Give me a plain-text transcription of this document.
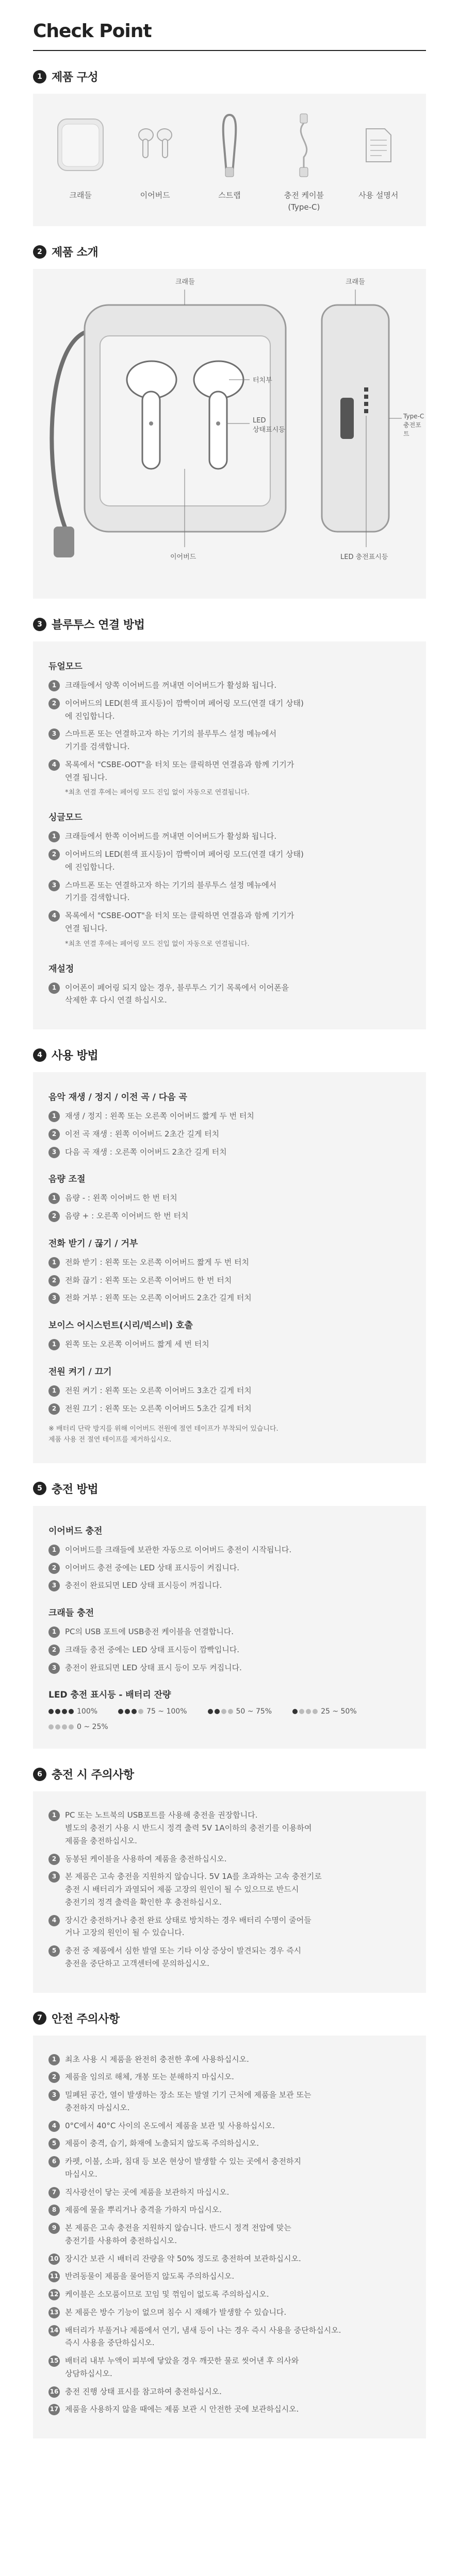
Check Point
1 제품 구성
크래들	이어버드	스트랩	충전 케이블
(Type-C)
사용 설명서
2 제품 소개
크래들	크래들
터치부
LED
상태표시등
이어버드
Type-C
충전포트
LED 충전표시등
3 블루투스 연결 방법
듀얼모드
1	크래들에서 양쪽 이어버드를 꺼내면 이어버드가 활성화 됩니다.
2	이어버드의 LED(흰색 표시등)이 깜빡이며 페어링 모드(연결 대기 상태)
에 진입합니다.
3	스마트폰 또는 연결하고자 하는 기기의 블루투스 설정 메뉴에서
기기를 검색합니다.
4	목록에서 "CSBE-OOT"을 터치 또는 클릭하면 연결음과 함께 기기가
연결 됩니다.
*최초 연결 후에는 페어링 모드 진입 없이 자동으로 연결됩니다.
싱글모드
1	크래들에서 한쪽 이어버드를 꺼내면 이어버드가 활성화 됩니다.
2	이어버드의 LED(흰색 표시등)이 깜빡이며 페어링 모드(연결 대기 상태)
에 진입합니다.
3	스마트폰 또는 연결하고자 하는 기기의 블루투스 설정 메뉴에서
기기를 검색합니다.
4	목록에서 "CSBE-OOT"을 터치 또는 클릭하면 연결음과 함께 기기가
연결 됩니다.
*최초 연결 후에는 페어링 모드 진입 없이 자동으로 연결됩니다.
재설정
1	이어폰이 페어링 되지 않는 경우, 블루투스 기기 목록에서 이어폰을
삭제한 후 다시 연결 하십시오.
4 사용 방법
음악 재생 / 정지 / 이전 곡 / 다음 곡
1	재생 / 정지 : 왼쪽 또는 오른쪽 이어버드 짧게 두 번 터치
2	이전 곡 재생 : 왼쪽 이어버드 2초간 길게 터치
3	다음 곡 재생 : 오른쪽 이어버드 2초간 길게 터치
음량 조절
1	음량 - : 왼쪽 이어버드 한 번 터치
2	음량 + : 오른쪽 이어버드 한 번 터치
전화 받기 / 끊기 / 거부
1	전화 받기 : 왼쪽 또는 오른쪽 이어버드 짧게 두 번 터치
2	전화 끊기 : 왼쪽 또는 오른쪽 이어버드 한 번 터치
3	전화 거부 : 왼쪽 또는 오른쪽 이어버드 2초간 길게 터치
보이스 어시스턴트(시리/빅스비) 호출
1	왼쪽 또는 오른쪽 이어버드 짧게 세 번 터치
전원 켜기 / 끄기
1	전원 켜기 : 왼쪽 또는 오른쪽 이어버드 3초간 길게 터치
2	전원 끄기 : 왼쪽 또는 오른쪽 이어버드 5초간 길게 터치
※ 배터리 단락 방지를 위해 이어버드 전원에 절연 테이프가 부착되어 있습니다.
제품 사용 전 절연 테이프를 제거하십시오.
5 충전 방법
이어버드 충전
1	이어버드를 크래들에 보관한 자동으로 이어버드 충전이 시작됩니다.
2	이어버드 충전 중에는 LED 상태 표시등이 켜집니다.
3	충전이 완료되면 LED 상태 표시등이 꺼집니다.
크래들 충전
1	PC의 USB 포트에 USB충전 케이블을 연결합니다.
2	크래들 충전 중에는 LED 상태 표시등이 깜빡입니다.
3	충전이 완료되면 LED 상태 표시 등이 모두 켜집니다.
LED 충전 표시등 - 배터리 잔량
100%	75 ~ 100%	50 ~ 75%	25 ~ 50%
0 ~ 25%
6 충전 시 주의사항
1	PC 또는 노트북의 USB포트를 사용해 충전을 권장합니다.
별도의 충전기 사용 시 반드시 정격 출력 5V 1A이하의 충전기를 이용하여
제품을 충전하십시오.
2	동봉된 케이블을 사용하여 제품을 충전하십시오.
3	본 제품은 고속 충전을 지원하지 않습니다. 5V 1A를 초과하는 고속 충전기로
충전 시 배터리가 과열되어 제품 고장의 원인이 될 수 있으므로 반드시
충전기의 정격 출력을 확인한 후 충전하십시오.
4	장시간 충전하거나 충전 완료 상태로 방치하는 경우 배터리 수명이 줄어들
거나 고장의 원인이 될 수 있습니다.
5	충전 중 제품에서 심한 발열 또는 기타 이상 증상이 발견되는 경우 즉시
충전을 중단하고 고객센터에 문의하십시오.
7 안전 주의사항
1	최초 사용 시 제품을 완전히 충전한 후에 사용하십시오.
2	제품을 임의로 해체, 개봉 또는 분해하지 마십시오.
3	밀폐된 공간, 열이 발생하는 장소 또는 발열 기기 근처에 제품을 보관 또는
충전하지 마십시오.
4	0°C에서 40°C 사이의 온도에서 제품을 보관 및 사용하십시오.
5	제품이 충격, 습기, 화재에 노출되지 않도록 주의하십시오.
6	카펫, 이불, 소파, 침대 등 보온 현상이 발생할 수 있는 곳에서 충전하지
마십시오.
7	직사광선이 닿는 곳에 제품을 보관하지 마십시오.
8	제품에 물을 뿌리거나 충격을 가하지 마십시오.
9	본 제품은 고속 충전을 지원하지 않습니다. 반드시 정격 전압에 맞는
충전기를 사용하여 충전하십시오.
10 장시간 보관 시 배터리 잔량을 약 50% 정도로 충전하여 보관하십시오.
11 반려동물이 제품을 물어뜯지 않도록 주의하십시오.
12 케이블은 소모품이므로 꼬임 및 꺾임이 없도록 주의하십시오.
13 본 제품은 방수 기능이 없으며 침수 시 재해가 발생할 수 있습니다.
14 배터리가 부풀거나 제품에서 연기, 냄새 등이 나는 경우 즉시 사용을 중단하십시오.
즉시 사용을 중단하십시오.
15 배터리 내부 누액이 피부에 닿았을 경우 깨끗한 물로 씻어낸 후 의사와
상담하십시오.
16 충전 진행 상태 표시를 참고하여 충전하십시오.
17 제품을 사용하지 않을 때에는 제품 보관 시 안전한 곳에 보관하십시오.
